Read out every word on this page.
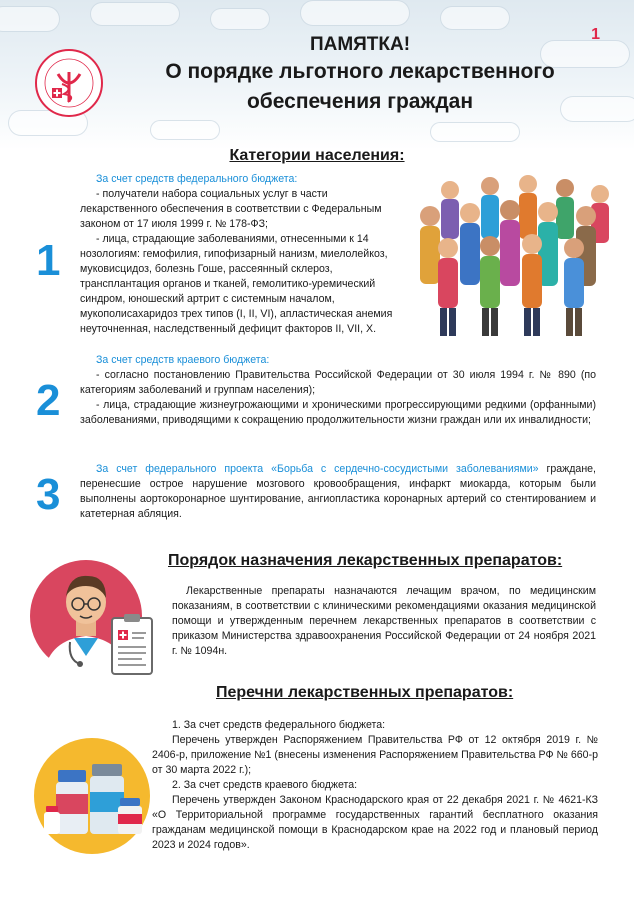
1
ПАМЯТКА!
О порядке льготного лекарственного
обеспечения граждан
Категории населения:
1

За счет средств федерального бюджета:

- получатели набора социальных услуг в части

лекарственного обеспечения в соответствии с Федеральным

законом от 17 июля 1999 г. № 178-ФЗ;

- лица, страдающие заболеваниями, отнесенными к 14

нозологиям: гемофилия, гипофизарный нанизм, миелолейкоз,

муковисцидоз, болезнь Гоше, рассеянный склероз,

трансплантация органов и тканей, гемолитико-уремический

синдром, юношеский артрит с системным началом,

мукополисахаридоз трех типов (I, II, VI), апластическая анемия

неуточненная, наследственный дефицит факторов II, VII, X.

2

За счет средств краевого бюджета:

- согласно постановлению Правительства Российской Федерации от 30 июля 1994 г. № 890 (по категориям заболеваний и группам населения);

- лица, страдающие жизнеугрожающими и хроническими прогрессирующими редкими (орфанными) заболеваниями, приводящими к сокращению продолжительности жизни граждан или их инвалидности;

3

За счет федерального проекта «Борьба с сердечно-сосудистыми заболеваниями» граждане, перенесшие острое нарушение мозгового кровообращения, инфаркт миокарда, которым были выполнены аортокоронарное шунтирование, ангиопластика коронарных артерий со стентированием и катетерная абляция.

Порядок назначения лекарственных препаратов:
Лекарственные препараты назначаются лечащим врачом, по медицинским показаниям, в соответствии с клиническими рекомендациями оказания медицинской помощи и утвержденным перечнем лекарственных препаратов в соответствии с приказом Министерства здравоохранения Российской Федерации от 24 ноября 2021 г. № 1094н.
Перечни лекарственных препаратов:

1. За счет средств федерального бюджета:

Перечень утвержден Распоряжением Правительства РФ от 12 октября 2019 г. № 2406-р, приложение №1 (внесены изменения Распоряжением Правительства РФ № 660-р от 30 марта 2022 г.);

2. За счет средств краевого бюджета:

Перечень утвержден Законом Краснодарского края от 22 декабря 2021 г. № 4621-КЗ «О Территориальной программе государственных гарантий бесплатного оказания гражданам медицинской помощи в Краснодарском крае на 2022 год и плановый период 2023 и 2024 годов».
